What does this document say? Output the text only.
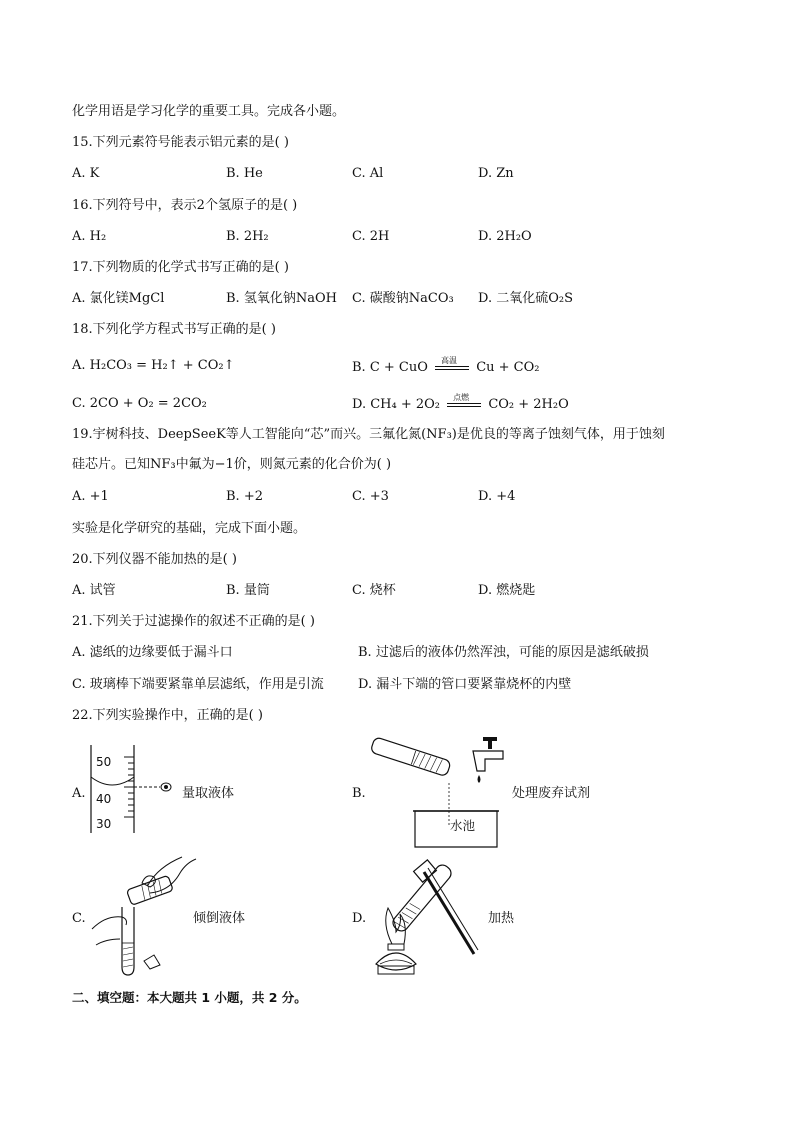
化学用语是学习化学的重要工具。完成各小题。
15.下列元素符号能表示铝元素的是( )
A. K	B. He	C. Al	D. Zn
16.下列符号中，表示2个氢原子的是( )
A. H₂	B. 2H₂	C. 2H	D. 2H₂O
17.下列物质的化学式书写正确的是( )
A. 氯化镁MgCl	B. 氢氧化钠NaOH C. 碳酸钠NaCO₃ D. 二氧化硫O₂S
18.下列化学方程式书写正确的是( )
A. H₂CO₃ = H₂↑ + CO₂↑	B. C + CuO 高温 Cu + CO₂
C. 2CO + O₂ = 2CO₂	D. CH₄ + 2O₂ 点燃 CO₂ + 2H₂O
19.宇树科技、DeepSeeK等人工智能向“芯”而兴。三氟化氮(NF₃)是优良的等离子蚀刻气体，用于蚀刻
硅芯片。已知NF₃中氟为−1价，则氮元素的化合价为( )
A. +1	B. +2	C. +3	D. +4
实验是化学研究的基础，完成下面小题。
20.下列仪器不能加热的是( )
A. 试管	B. 量筒	C. 烧杯	D. 燃烧匙
21.下列关于过滤操作的叙述不正确的是( )
A. 滤纸的边缘要低于漏斗口	B. 过滤后的液体仍然浑浊，可能的原因是滤纸破损
C. 玻璃棒下端要紧靠单层滤纸，作用是引流	D. 漏斗下端的管口要紧靠烧杯的内壁
22.下列实验操作中，正确的是( )
A.
50
40
30
量取液体	B.
水池
处理废弃试剂
C.	倾倒液体	D.	加热
二、填空题：本大题共 1 小题，共 2 分。
